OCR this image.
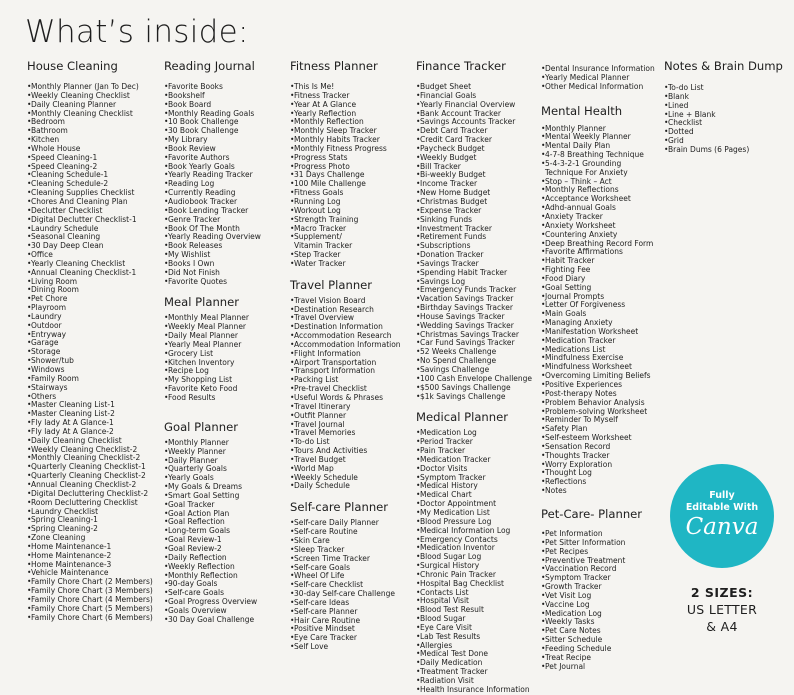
What’s inside:
House Cleaning
• Monthly Planner (Jan To Dec)
• Weekly Cleaning Checklist
• Daily Cleaning Planner
• Monthly Cleaning Checklist
• Bedroom
• Bathroom
• Kitchen
• Whole House
• Speed Cleaning-1
• Speed Cleaning-2
• Cleaning Schedule-1
• Cleaning Schedule-2
• Cleaning Supplies Checklist
• Chores And Cleaning Plan
• Declutter Checklist
• Digital Declutter Checklist-1
• Laundry Schedule
• Seasonal Cleaning
• 30 Day Deep Clean
• Office
• Yearly Cleaning Checklist
• Annual Cleaning Checklist-1
• Living Room
• Dining Room
• Pet Chore
• Playroom
• Laundry
• Outdoor
• Entryway
• Garage
• Storage
• Shower/tub
• Windows
• Family Room
• Stairways
• Others
• Master Cleaning List-1
• Master Cleaning List-2
• Fly lady At A Glance-1
• Fly lady At A Glance-2
• Daily Cleaning Checklist
• Weekly Cleaning Checklist-2
• Monthly Cleaning Checklist-2
• Quarterly Cleaning Checklist-1
• Quarterly Cleaning Checklist-2
• Annual Cleaning Checklist-2
• Digital Decluttering Checklist-2
• Room Decluttering Checklist
• Laundry Checklist
• Spring Cleaning-1
• Spring Cleaning-2
• Zone Cleaning
• Home Maintenance-1
• Home Maintenance-2
• Home Maintenance-3
• Vehicle Maintenance
• Family Chore Chart (2 Members)
• Family Chore Chart (3 Members)
• Family Chore Chart (4 Members)
• Family Chore Chart (5 Members)
• Family Chore Chart (6 Members)
Reading Journal
• Favorite Books
• Bookshelf
• Book Board
• Monthly Reading Goals
• 10 Book Challenge
• 30 Book Challenge
• My Library
• Book Review
• Favorite Authors
• Book Yearly Goals
• Yearly Reading Tracker
• Reading Log
• Currently Reading
• Audiobook Tracker
• Book Lending Tracker
• Genre Tracker
• Book Of The Month
• Yearly Reading Overview
• Book Releases
• My Wishlist
• Books I Own
• Did Not Finish
• Favorite Quotes
Meal Planner
• Monthly Meal Planner
• Weekly Meal Planner
• Daily Meal Planner
• Yearly Meal Planner
• Grocery List
• Kitchen Inventory
• Recipe Log
• My Shopping List
• Favorite Keto Food
• Food Results
Goal Planner
• Monthly Planner
• Weekly Planner
• Daily Planner
• Quarterly Goals
• Yearly Goals
• My Goals & Dreams
• Smart Goal Setting
• Goal Tracker
• Goal Action Plan
• Goal Reflection
• Long-term Goals
• Goal Review-1
• Goal Review-2
• Daily Reflection
• Weekly Reflection
• Monthly Reflection
• 90-day Goals
• Self-care Goals
• Goal Progress Overview
• Goals Overview
• 30 Day Goal Challenge
Fitness Planner
• This Is Me!
• Fitness Tracker
• Year At A Glance
• Yearly Reflection
• Monthly Reflection
• Monthly Sleep Tracker
• Monthly Habits Tracker
• Monthly Fitness Progress
• Progress Stats
• Progress Photo
• 31 Days Challenge
• 100 Mile Challenge
• Fitness Goals
• Running Log
• Workout Log
• Strength Training
• Macro Tracker
• Supplement/
Vitamin Tracker
• Step Tracker
• Water Tracker
Travel Planner
• Travel Vision Board
• Destination Research
• Travel Overview
• Destination Information
• Accommodation Research
• Accommodation Information
• Flight Information
• Airport Transportation
• Transport Information
• Packing List
• Pre-travel Checklist
• Useful Words & Phrases
• Travel Itinerary
• Outfit Planner
• Travel Journal
• Travel Memories
• To-do List
• Tours And Activities
• Travel Budget
• World Map
• Weekly Schedule
• Daily Schedule
Self-care Planner
• Self-care Daily Planner
• Self-care Routine
• Skin Care
• Sleep Tracker
• Screen Time Tracker
• Self-care Goals
• Wheel Of Life
• Self-care Checklist
• 30-day Self-care Challenge
• Self-care Ideas
• Self-care Planner
• Hair Care Routine
• Positive Mindset
• Eye Care Tracker
• Self Love
Finance Tracker
• Budget Sheet
• Financial Goals
• Yearly Financial Overview
• Bank Account Tracker
• Savings Accounts Tracker
• Debt Card Tracker
• Credit Card Tracker
• Paycheck Budget
• Weekly Budget
• Bill Tracker
• Bi-weekly Budget
• Income Tracker
• New Home Budget
• Christmas Budget
• Expense Tracker
• Sinking Funds
• Investment Tracker
• Retirement Funds
• Subscriptions
• Donation Tracker
• Savings Tracker
• Spending Habit Tracker
• Savings Log
• Emergency Funds Tracker
• Vacation Savings Tracker
• Birthday Savings Tracker
• House Savings Tracker
• Wedding Savings Tracker
• Christmas Savings Tracker
• Car Fund Savings Tracker
• 52 Weeks Challenge
• No Spend Challenge
• Savings Challenge
• 100 Cash Envelope Challenge
• $500 Savings Challenge
• $1k Savings Challenge
Medical Planner
• Medication Log
• Period Tracker
• Pain Tracker
• Medication Tracker
• Doctor Visits
• Symptom Tracker
• Medical History
• Medical Chart
• Doctor Appointment
• My Medication List
• Blood Pressure Log
• Medical Information Log
• Emergency Contacts
• Medication Inventor
• Blood Sugar Log
• Surgical History
• Chronic Pain Tracker
• Hospital Bag Checklist
• Contacts List
• Hospital Visit
• Blood Test Result
• Blood Sugar
• Eye Care Visit
• Lab Test Results
• Allergies
• Medical Test Done
• Daily Medication
• Treatment Tracker
• Radiation Visit
• Health Insurance Information
• Dental Insurance Information
• Yearly Medical Planner
• Other Medical Information
Mental Health
• Monthly Planner
• Mental Weekly Planner
• Mental Daily Plan
• 4-7-8 Breathing Technique
• 5-4-3-2-1 Grounding
Technique For Anxiety
• Stop – Think – Act
• Monthly Reflections
• Acceptance Worksheet
• Adhd-annual Goals
• Anxiety Tracker
• Anxiety Worksheet
• Countering Anxiety
• Deep Breathing Record Form
• Favorite Affirmations
• Habit Tracker
• Fighting Fee
• Food Diary
• Goal Setting
• Journal Prompts
• Letter Of Forgiveness
• Main Goals
• Managing Anxiety
• Manifestation Worksheet
• Medication Tracker
• Medications List
• Mindfulness Exercise
• Mindfulness Worksheet
• Overcoming Limiting Beliefs
• Positive Experiences
• Post-therapy Notes
• Problem Behavior Analysis
• Problem-solving Worksheet
• Reminder To Myself
• Safety Plan
• Self-esteem Worksheet
• Sensation Record
• Thoughts Tracker
• Worry Exploration
• Thought Log
• Reflections
• Notes
Pet-Care- Planner
• Pet Information
• Pet Sitter Information
• Pet Recipes
• Preventive Treatment
• Vaccination Record
• Symptom Tracker
• Growth Tracker
• Vet Visit Log
• Vaccine Log
• Medication Log
• Weekly Tasks
• Pet Care Notes
• Sitter Schedule
• Feeding Schedule
• Treat Recipe
• Pet Journal
Notes & Brain Dump
• To-do List
• Blank
• Lined
• Line + Blank
• Checklist
• Dotted
• Grid
• Brain Dums (6 Pages)
Fully
Editable With
Canva
2 SIZES:
US LETTER
& A4
